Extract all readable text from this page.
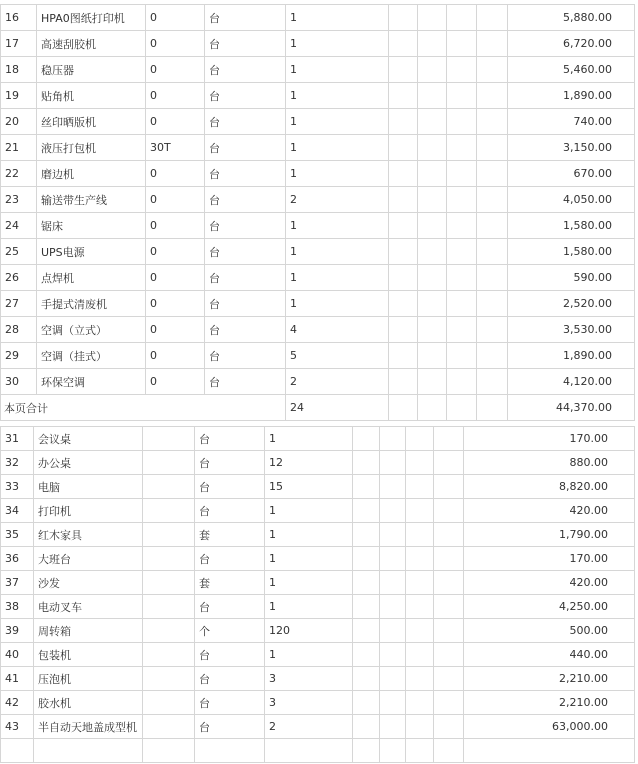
16	HPA0图纸打印机	0	台	1					5,880.00
17	高速刮胶机	0	台	1					6,720.00
18	稳压器	0	台	1					5,460.00
19	贴角机	0	台	1					1,890.00
20	丝印晒版机	0	台	1					740.00
21	液压打包机	30T	台	1					3,150.00
22	磨边机	0	台	1					670.00
23	输送带生产线	0	台	2					4,050.00
24	锯床	0	台	1					1,580.00
25	UPS电源	0	台	1					1,580.00
26	点焊机	0	台	1					590.00
27	手提式清废机	0	台	1					2,520.00
28	空调（立式）	0	台	4					3,530.00
29	空调（挂式）	0	台	5					1,890.00
30	环保空调	0	台	2					4,120.00
本页合计				24					44,370.00
31	会议桌		台	1					170.00
32	办公桌		台	12					880.00
33	电脑		台	15					8,820.00
34	打印机		台	1					420.00
35	红木家具		套	1					1,790.00
36	大班台		台	1					170.00
37	沙发		套	1					420.00
38	电动叉车		台	1					4,250.00
39	周转箱		个	120					500.00
40	包装机		台	1					440.00
41	压泡机		台	3					2,210.00
42	胶水机		台	3					2,210.00
43	半自动天地盖成型机		台	2					63,000.00
